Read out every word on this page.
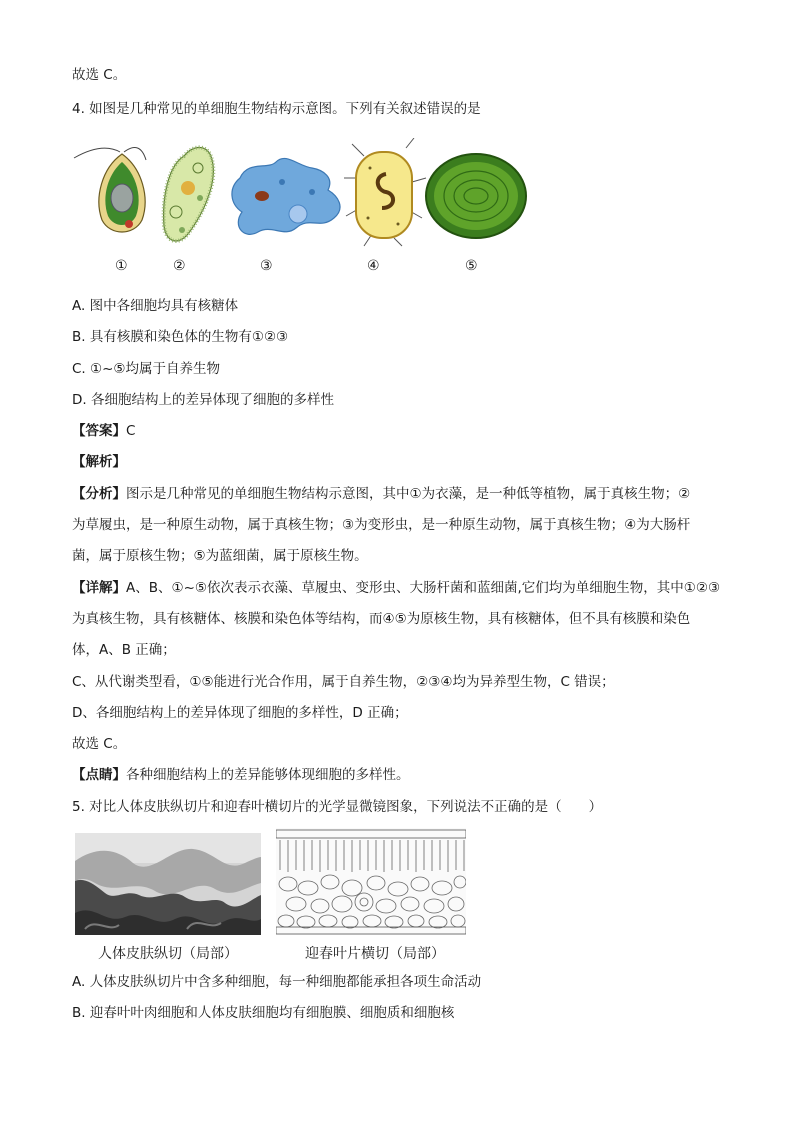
故选 C。
4. 如图是几种常见的单细胞生物结构示意图。下列有关叙述错误的是
①	②	③	④	⑤
A. 图中各细胞均具有核糖体
B. 具有核膜和染色体的生物有①②③
C. ①~⑤均属于自养生物
D. 各细胞结构上的差异体现了细胞的多样性
【答案】C
【解析】
【分析】图示是几种常见的单细胞生物结构示意图，其中①为衣藻，是一种低等植物，属于真核生物；②
为草履虫，是一种原生动物，属于真核生物；③为变形虫，是一种原生动物，属于真核生物；④为大肠杆
菌，属于原核生物；⑤为蓝细菌，属于原核生物。
【详解】A、B、①~⑤依次表示衣藻、草履虫、变形虫、大肠杆菌和蓝细菌,它们均为单细胞生物，其中①②③
为真核生物，具有核糖体、核膜和染色体等结构，而④⑤为原核生物，具有核糖体，但不具有核膜和染色
体，A、B 正确；
C、从代谢类型看，①⑤能进行光合作用，属于自养生物，②③④均为异养型生物，C 错误；
D、各细胞结构上的差异体现了细胞的多样性，D 正确；
故选 C。
【点睛】各种细胞结构上的差异能够体现细胞的多样性。
5. 对比人体皮肤纵切片和迎春叶横切片的光学显微镜图象，下列说法不正确的是（　　）
人体皮肤纵切（局部）	迎春叶片横切（局部）
A. 人体皮肤纵切片中含多种细胞，每一种细胞都能承担各项生命活动
B. 迎春叶叶肉细胞和人体皮肤细胞均有细胞膜、细胞质和细胞核
